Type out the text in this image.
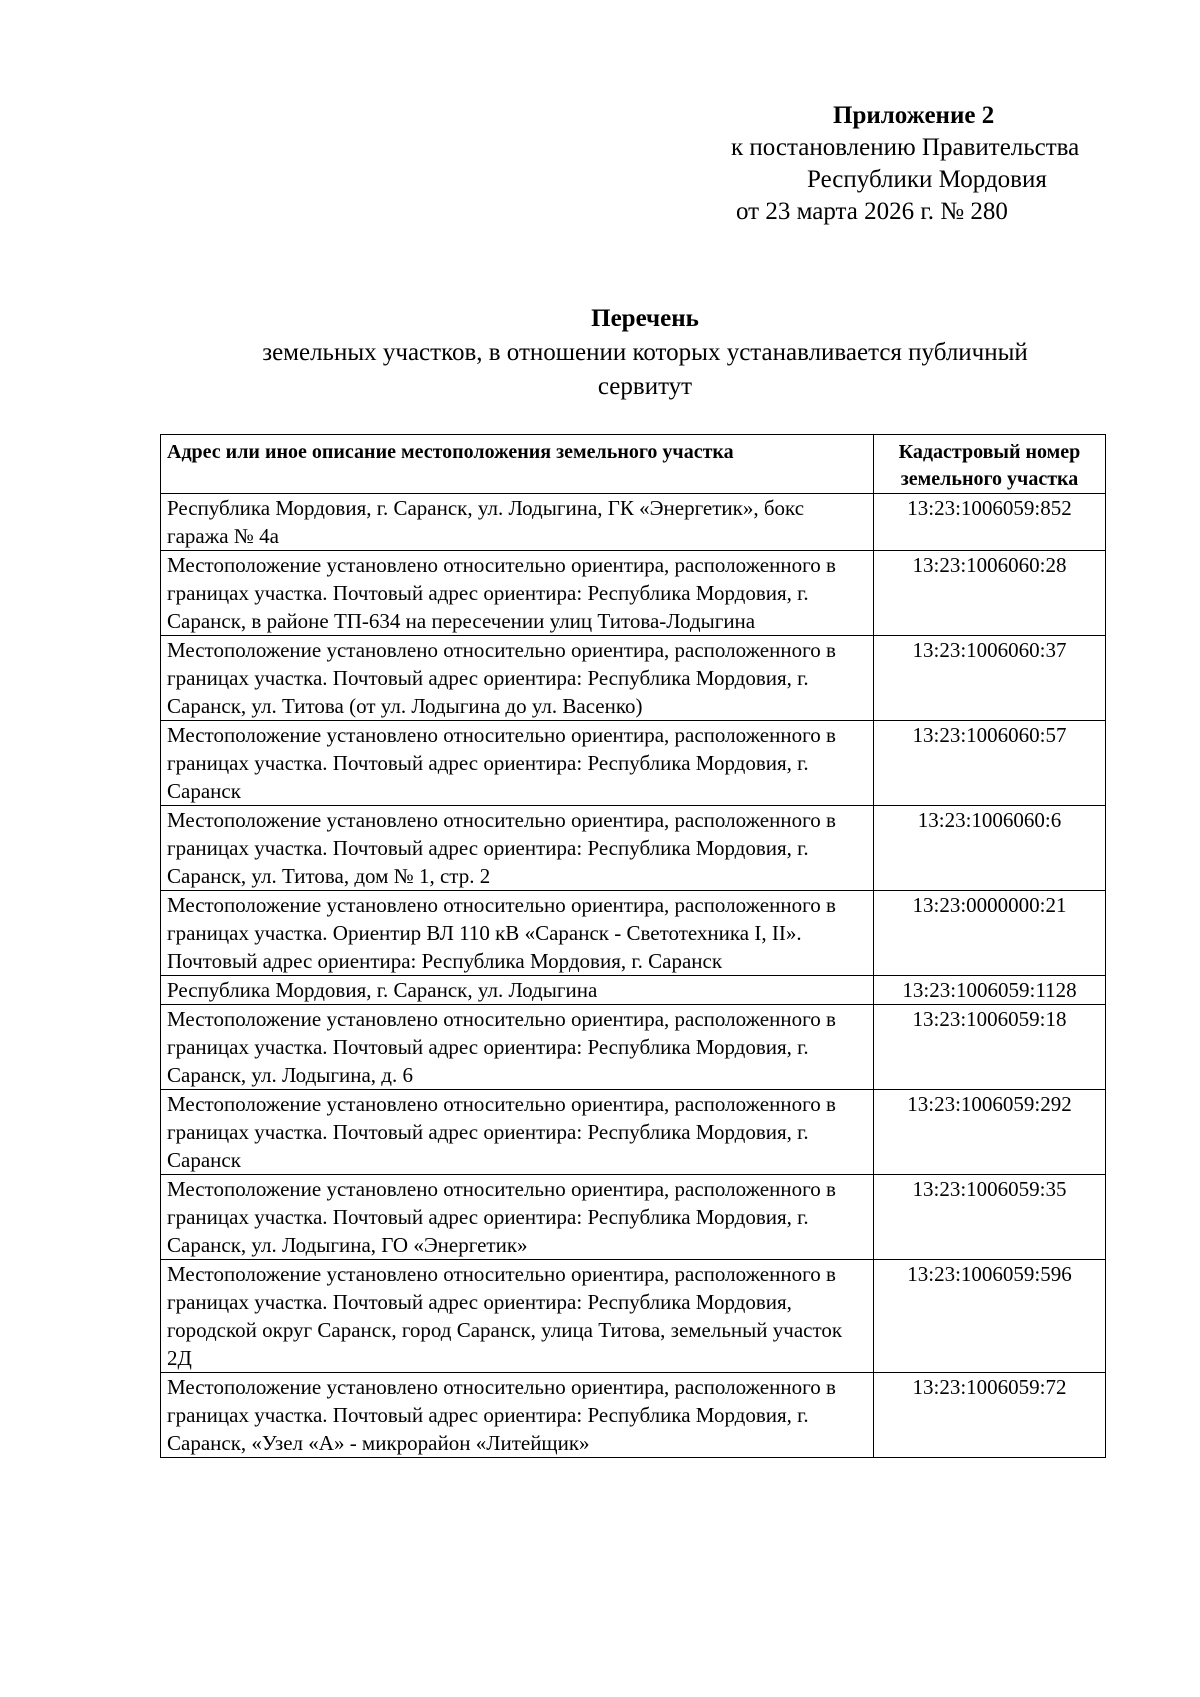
Приложение 2
к постановлению Правительства
Республики Мордовия
от 23 марта 2026 г. № 280
Перечень
земельных участков, в отношении которых устанавливается публичный
сервитут
Адрес или иное описание местоположения земельного участка	Кадастровый номер земельного участка
Республика Мордовия, г. Саранск, ул. Лодыгина, ГК «Энергетик», бокс гаража № 4а	13:23:1006059:852
Местоположение установлено относительно ориентира, расположенного в границах участка. Почтовый адрес ориентира: Республика Мордовия, г. Саранск, в районе ТП-634 на пересечении улиц Титова-Лодыгина	13:23:1006060:28
Местоположение установлено относительно ориентира, расположенного в границах участка. Почтовый адрес ориентира: Республика Мордовия, г. Саранск, ул. Титова (от ул. Лодыгина до ул. Васенко)	13:23:1006060:37
Местоположение установлено относительно ориентира, расположенного в границах участка. Почтовый адрес ориентира: Республика Мордовия, г. Саранск	13:23:1006060:57
Местоположение установлено относительно ориентира, расположенного в границах участка. Почтовый адрес ориентира: Республика Мордовия, г. Саранск, ул. Титова, дом № 1, стр. 2	13:23:1006060:6
Местоположение установлено относительно ориентира, расположенного в границах участка. Ориентир ВЛ 110 кВ «Саранск - Светотехника I, II». Почтовый адрес ориентира: Республика Мордовия, г. Саранск	13:23:0000000:21
Республика Мордовия, г. Саранск, ул. Лодыгина	13:23:1006059:1128
Местоположение установлено относительно ориентира, расположенного в границах участка. Почтовый адрес ориентира: Республика Мордовия, г. Саранск, ул. Лодыгина, д. 6	13:23:1006059:18
Местоположение установлено относительно ориентира, расположенного в границах участка. Почтовый адрес ориентира: Республика Мордовия, г. Саранск	13:23:1006059:292
Местоположение установлено относительно ориентира, расположенного в границах участка. Почтовый адрес ориентира: Республика Мордовия, г. Саранск, ул. Лодыгина, ГО «Энергетик»	13:23:1006059:35
Местоположение установлено относительно ориентира, расположенного в границах участка. Почтовый адрес ориентира: Республика Мордовия, городской округ Саранск, город Саранск, улица Титова, земельный участок 2Д	13:23:1006059:596
Местоположение установлено относительно ориентира, расположенного в границах участка. Почтовый адрес ориентира: Республика Мордовия, г. Саранск, «Узел «А» - микрорайон «Литейщик»	13:23:1006059:72
